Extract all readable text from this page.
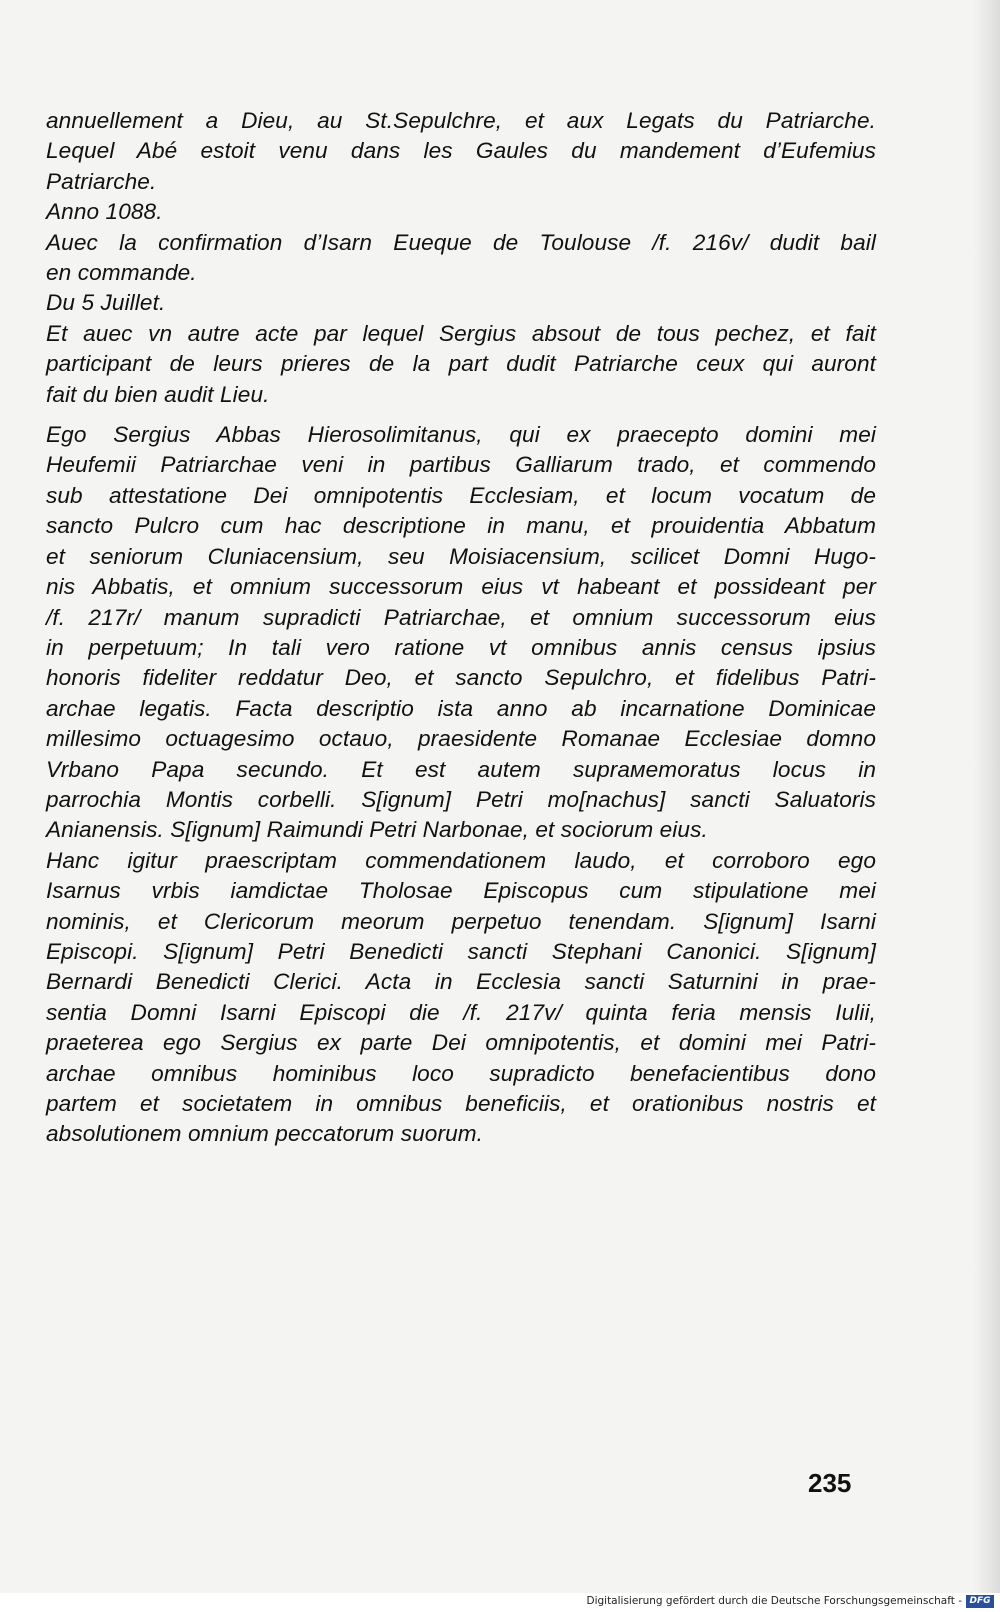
annuellement a Dieu, au St.Sepulchre, et aux Legats du Patriarche.
Lequel Abé estoit venu dans les Gaules du mandement d’Eufemius
Patriarche.
Anno 1088.
Auec la confirmation d’Isarn Eueque de Toulouse /f. 216v/ dudit bail
en commande.
Du 5 Juillet.
Et auec vn autre acte par lequel Sergius absout de tous pechez, et fait
participant de leurs prieres de la part dudit Patriarche ceux qui auront
fait du bien audit Lieu.
Ego Sergius Abbas Hierosolimitanus, qui ex praecepto domini mei
Heufemii Patriarchae veni in partibus Galliarum trado, et commendo
sub attestatione Dei omnipotentis Ecclesiam, et locum vocatum de
sancto Pulcro cum hac descriptione in manu, et prouidentia Abbatum
et seniorum Cluniacensium, seu Moisiacensium, scilicet Domni Hugo-
nis Abbatis, et omnium successorum eius vt habeant et possideant per
/f. 217r/ manum supradicti Patriarchae, et omnium successorum eius
in perpetuum; In tali vero ratione vt omnibus annis census ipsius
honoris fideliter reddatur Deo, et sancto Sepulchro, et fidelibus Patri-
archae legatis. Facta descriptio ista anno ab incarnatione Dominicae
millesimo octuagesimo octauo, praesidente Romanae Ecclesiae domno
Vrbano Papa secundo. Et est autem suprамеmoratus locus in
parrochia Montis corbelli. S[ignum] Petri mo[nachus] sancti Saluatoris
Anianensis. S[ignum] Raimundi Petri Narbonae, et sociorum eius.
Hanc igitur praescriptam commendationem laudo, et corroboro ego
Isarnus vrbis iamdictae Tholosae Episcopus cum stipulatione mei
nominis, et Clericorum meorum perpetuo tenendam. S[ignum] Isarni
Episcopi. S[ignum] Petri Benedicti sancti Stephani Canonici. S[ignum]
Bernardi Benedicti Clerici. Acta in Ecclesia sancti Saturnini in prae-
sentia Domni Isarni Episcopi die /f. 217v/ quinta feria mensis Iulii,
praeterea ego Sergius ex parte Dei omnipotentis, et domini mei Patri-
archae omnibus hominibus loco supradicto benefacientibus dono
partem et societatem in omnibus beneficiis, et orationibus nostris et
absolutionem omnium peccatorum suorum.
235
Digitalisierung gefördert durch die Deutsche Forschungsgemeinschaft - DFG
